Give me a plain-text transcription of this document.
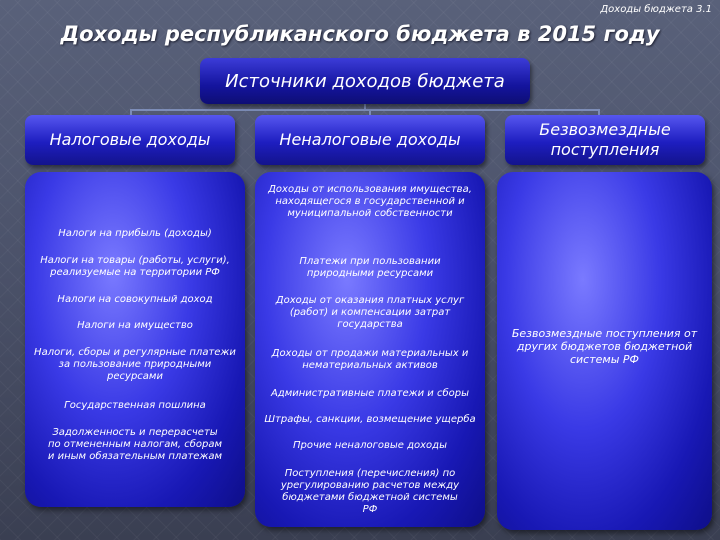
Доходы бюджета 3.1
Доходы республиканского бюджета в 2015 году
Источники доходов бюджета
Налоговые доходы	Неналоговые доходы
Безвозмездные поступления
Налоги на прибыль (доходы)
Налоги на товары (работы, услуги), реализуемые на территории РФ
Налоги на совокупный доход
Налоги на имущество
Налоги, сборы и регулярные платежи за пользование природными ресурсами
Государственная пошлина
Задолженность и перерасчеты по отмененным налогам, сборам и иным обязательным платежам
Доходы от использования имущества, находящегося в государственной и муниципальной собственности
Платежи при пользовании природными ресурсами
Доходы от оказания платных услуг (работ) и компенсации затрат государства
Доходы от продажи материальных и нематериальных активов
Административные платежи и сборы
Штрафы, санкции, возмещение ущерба
Прочие неналоговые доходы
Поступления (перечисления) по урегулированию расчетов между бюджетами бюджетной системы РФ
Безвозмездные поступления от других бюджетов бюджетной системы РФ
